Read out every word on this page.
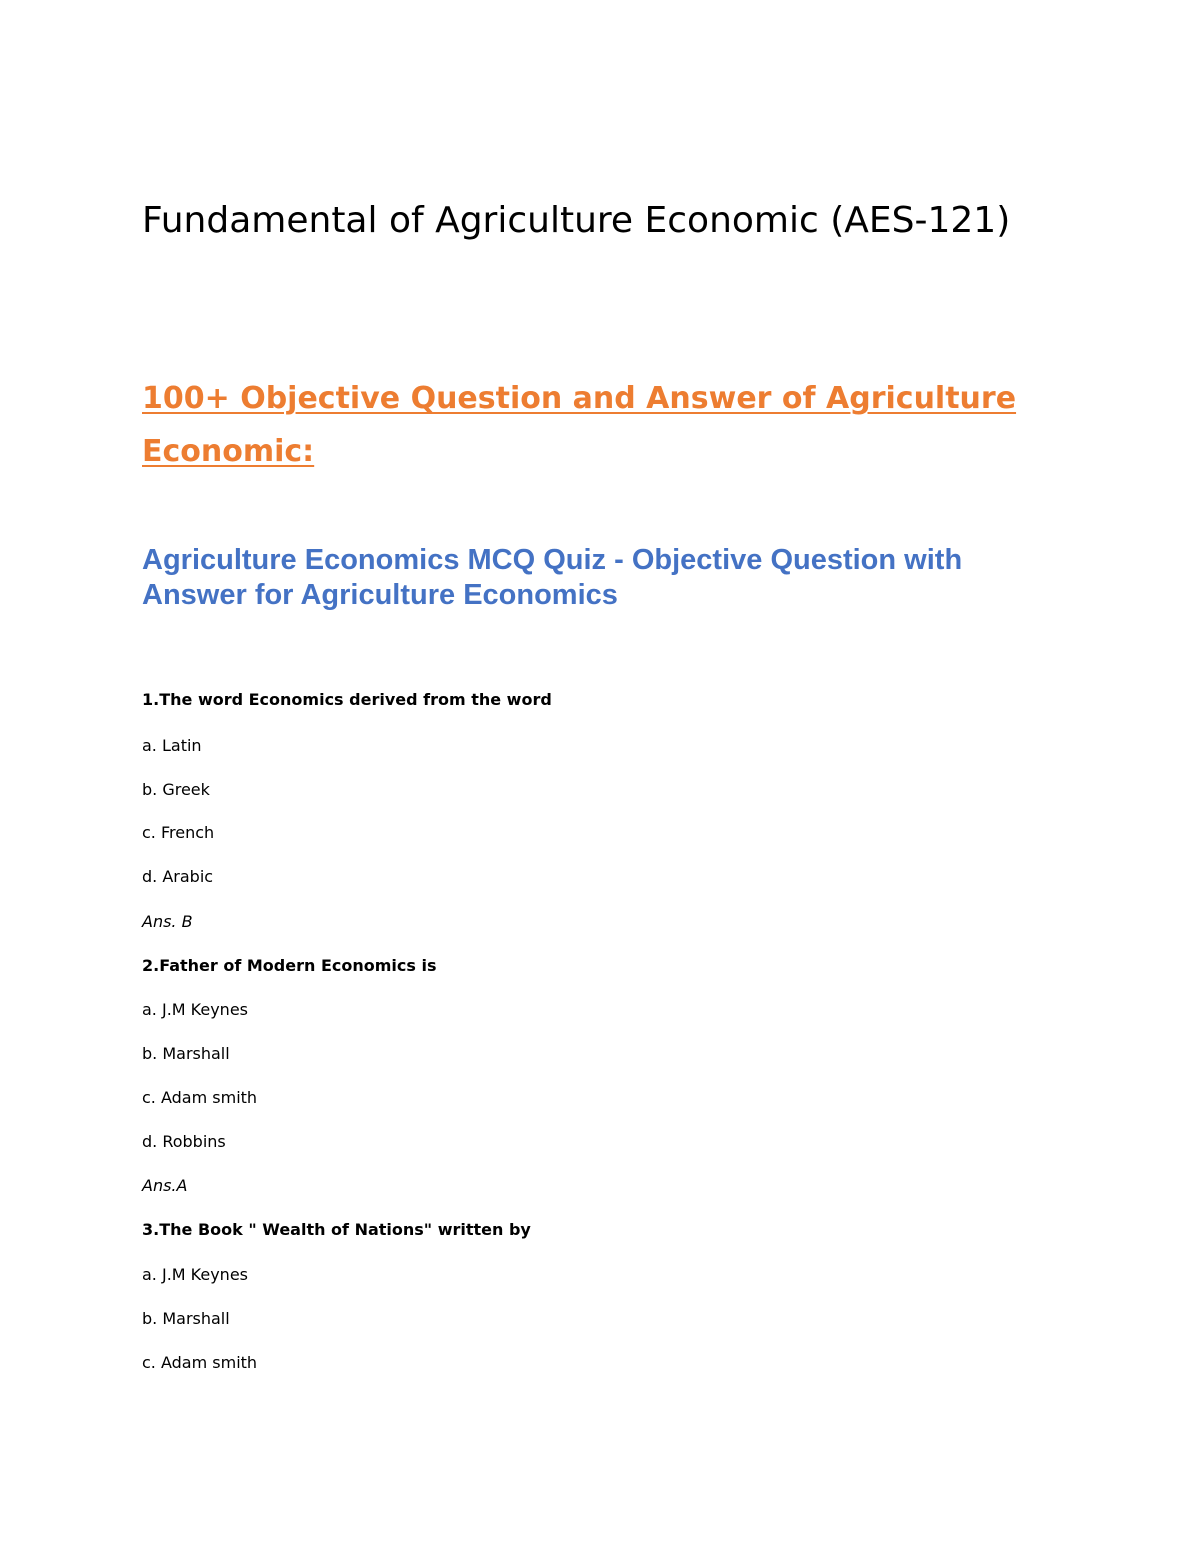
Fundamental of Agriculture Economic (AES-121)
100+ Objective Question and Answer of Agriculture Economic:
Agriculture Economics MCQ Quiz - Objective Question with Answer for Agriculture Economics

1.The word Economics derived from the word

a. Latin

b. Greek

c. French

d. Arabic

Ans. B

2.Father of Modern Economics is

a. J.M Keynes

b. Marshall

c. Adam smith

d. Robbins

Ans.A

3.The Book " Wealth of Nations" written by

a. J.M Keynes

b. Marshall

c. Adam smith
